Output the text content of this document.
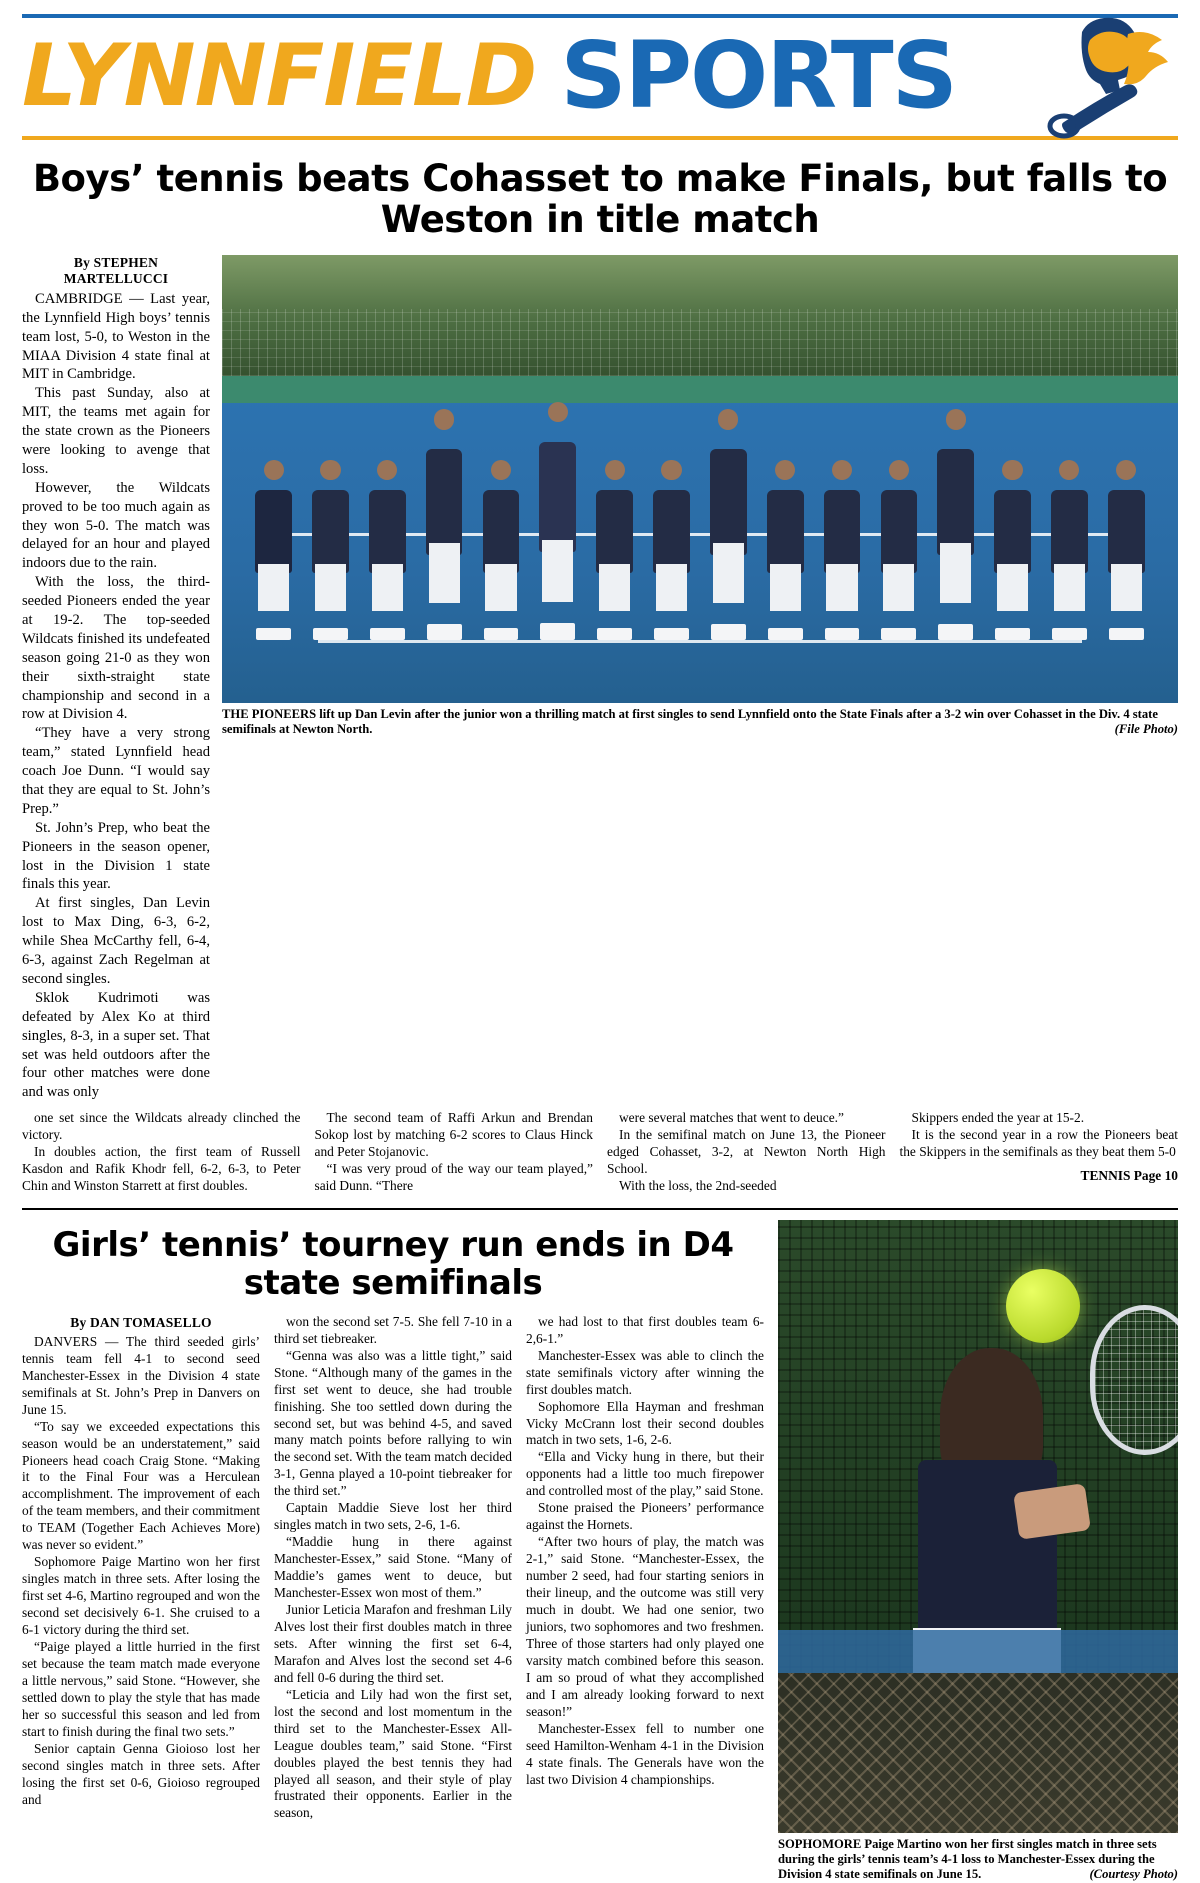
LYNNFIELD SPORTS
Boys’ tennis beats Cohasset to make Finals, but falls to Weston in title match
By STEPHEN MARTELLUCCI

CAMBRIDGE — Last year, the Lynnfield High boys’ tennis team lost, 5-0, to Weston in the MIAA Division 4 state final at MIT in Cambridge.

This past Sunday, also at MIT, the teams met again for the state crown as the Pioneers were looking to avenge that loss.

However, the Wildcats proved to be too much again as they won 5-0. The match was delayed for an hour and played indoors due to the rain.

With the loss, the third-seeded Pioneers ended the year at 19-2. The top-seeded Wildcats finished its undefeated season going 21-0 as they won their sixth-straight state championship and second in a row at Division 4.

“They have a very strong team,” stated Lynnfield head coach Joe Dunn. “I would say that they are equal to St. John’s Prep.”

St. John’s Prep, who beat the Pioneers in the season opener, lost in the Division 1 state finals this year.

At first singles, Dan Levin lost to Max Ding, 6-3, 6-2, while Shea McCarthy fell, 6-4, 6-3, against Zach Regelman at second singles.

Sklok Kudrimoti was defeated by Alex Ko at third singles, 8-3, in a super set. That set was held outdoors after the four other matches were done and was only

THE PIONEERS lift up Dan Levin after the junior won a thrilling match at first singles to send Lynnfield onto the State Finals after a 3-2 win over Cohasset in the Div. 4 state semifinals at Newton North.	(File Photo)

one set since the Wildcats already clinched the victory.

In doubles action, the first team of Russell Kasdon and Rafik Khodr fell, 6-2, 6-3, to Peter Chin and Winston Starrett at first doubles.

The second team of Raffi Arkun and Brendan Sokop lost by matching 6-2 scores to Claus Hinck and Peter Stojanovic.

“I was very proud of the way our team played,” said Dunn. “There

were several matches that went to deuce.”

In the semifinal match on June 13, the Pioneer edged Cohasset, 3-2, at Newton North High School.

With the loss, the 2nd-seeded

Skippers ended the year at 15-2.

It is the second year in a row the Pioneers beat the Skippers in the semifinals as they beat them 5-0

TENNIS Page 10
Girls’ tennis’ tourney run ends in D4 state semifinals
By DAN TOMASELLO

DANVERS — The third seeded girls’ tennis team fell 4-1 to second seed Manchester-Essex in the Division 4 state semifinals at St. John’s Prep in Danvers on June 15.

“To say we exceeded expectations this season would be an understatement,” said Pioneers head coach Craig Stone. “Making it to the Final Four was a Herculean accomplishment. The improvement of each of the team members, and their commitment to TEAM (Together Each Achieves More) was never so evident.”

Sophomore Paige Martino won her first singles match in three sets. After losing the first set 4-6, Martino regrouped and won the second set decisively 6-1. She cruised to a 6-1 victory during the third set.

“Paige played a little hurried in the first set because the team match made everyone a little nervous,” said Stone. “However, she settled down to play the style that has made her so successful this season and led from start to finish during the final two sets.”

Senior captain Genna Gioioso lost her second singles match in three sets. After losing the first set 0-6, Gioioso regrouped and

won the second set 7-5. She fell 7-10 in a third set tiebreaker.

“Genna was also was a little tight,” said Stone. “Although many of the games in the first set went to deuce, she had trouble finishing. She too settled down during the second set, but was behind 4-5, and saved many match points before rallying to win the second set. With the team match decided 3-1, Genna played a 10-point tiebreaker for the third set.”

Captain Maddie Sieve lost her third singles match in two sets, 2-6, 1-6.

“Maddie hung in there against Manchester-Essex,” said Stone. “Many of Maddie’s games went to deuce, but Manchester-Essex won most of them.”

Junior Leticia Marafon and freshman Lily Alves lost their first doubles match in three sets. After winning the first set 6-4, Marafon and Alves lost the second set 4-6 and fell 0-6 during the third set.

“Leticia and Lily had won the first set, lost the second and lost momentum in the third set to the Manchester-Essex All-League doubles team,” said Stone. “First doubles played the best tennis they had played all season, and their style of play frustrated their opponents. Earlier in the season,

we had lost to that first doubles team 6-2,6-1.”

Manchester-Essex was able to clinch the state semifinals victory after winning the first doubles match.

Sophomore Ella Hayman and freshman Vicky McCrann lost their second doubles match in two sets, 1-6, 2-6.

“Ella and Vicky hung in there, but their opponents had a little too much firepower and controlled most of the play,” said Stone.

Stone praised the Pioneers’ performance against the Hornets.

“After two hours of play, the match was 2-1,” said Stone. “Manchester-Essex, the number 2 seed, had four starting seniors in their lineup, and the outcome was still very much in doubt. We had one senior, two juniors, two sophomores and two freshmen. Three of those starters had only played one varsity match combined before this season. I am so proud of what they accomplished and I am already looking forward to next season!”

Manchester-Essex fell to number one seed Hamilton-Wenham 4-1 in the Division 4 state finals. The Generals have won the last two Division 4 championships.

SOPHOMORE Paige Martino won her first singles match in three sets during the girls’ tennis team’s 4-1 loss to Manchester-Essex during the Division 4 state semifinals on June 15.	(Courtesy Photo)
